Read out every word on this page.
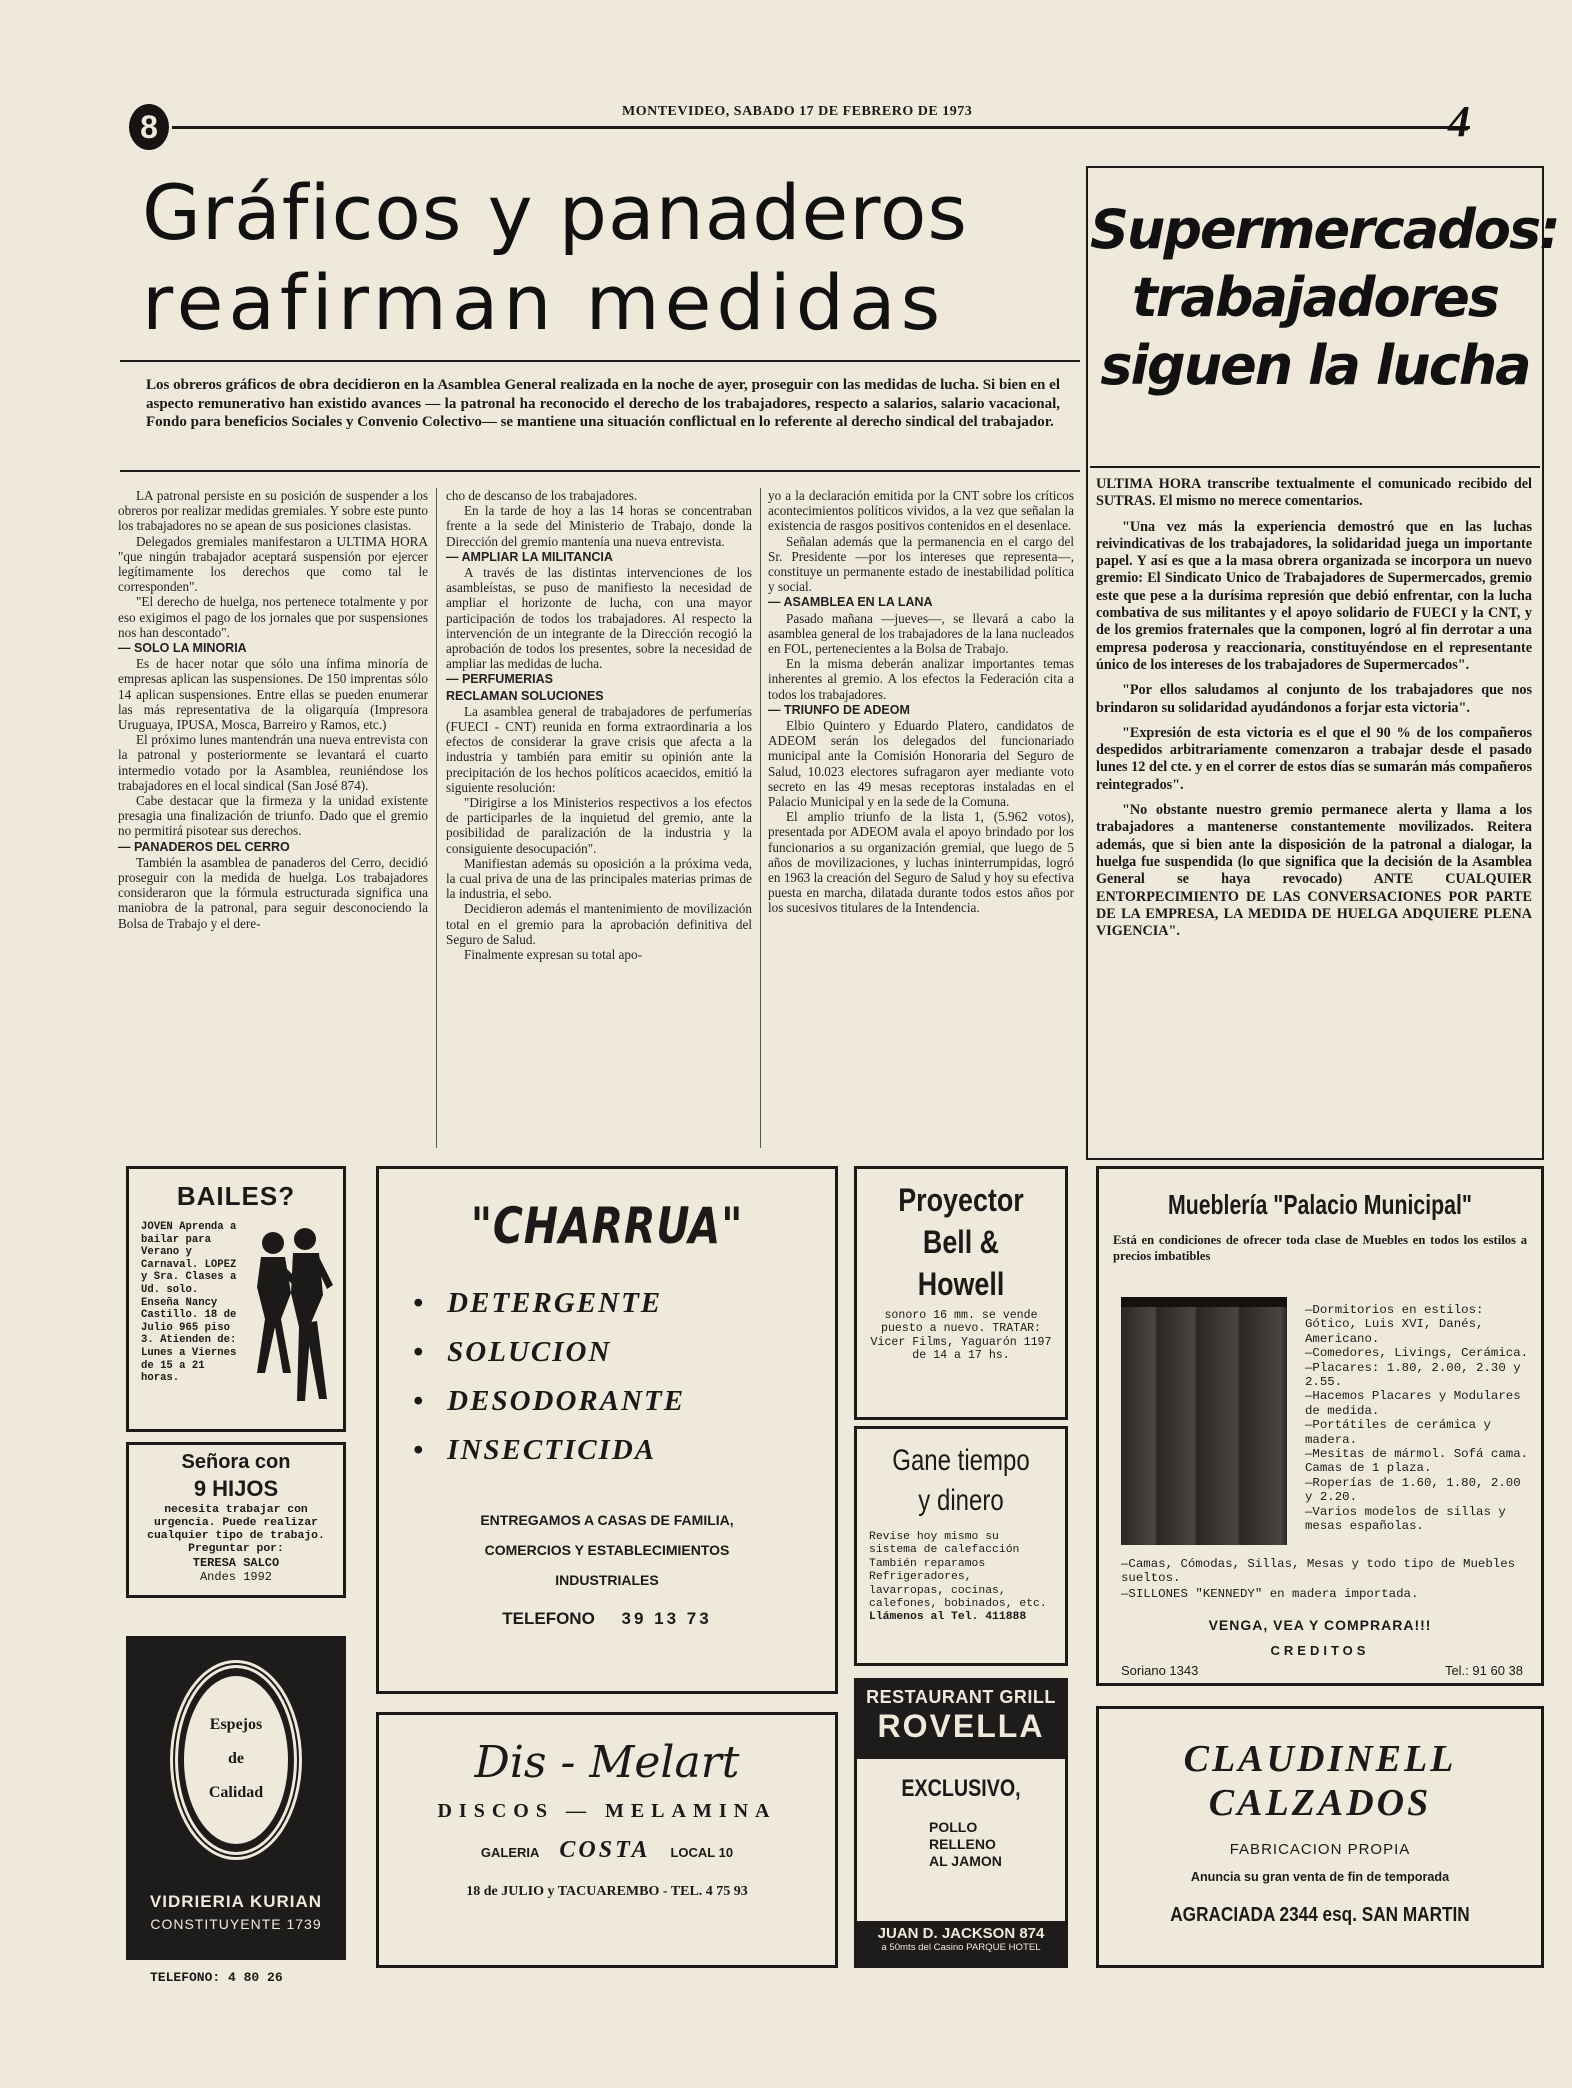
8	MONTEVIDEO, SABADO 17 DE FEBRERO DE 1973	4
Gráficos y panaderos
reafirman medidas
Los obreros gráficos de obra decidieron en la Asamblea General realizada en la noche de ayer, proseguir con las medidas de lucha. Si bien en el aspecto remunerativo han existido avances — la patronal ha reconocido el derecho de los trabajadores, respecto a salarios, salario vacacional, Fondo para beneficios Sociales y Convenio Colectivo— se mantiene una situación conflictual en lo referente al derecho sindical del trabajador.

LA patronal persiste en su posición de suspender a los obreros por realizar medidas gremiales. Y sobre este punto los trabajadores no se apean de sus posiciones clasistas.

Delegados gremiales manifestaron a ULTIMA HORA "que ningún trabajador aceptará suspensión por ejercer legítimamente los derechos que como tal le corresponden".

"El derecho de huelga, nos pertenece totalmente y por eso exigimos el pago de los jornales que por suspensiones nos han descontado".

— SOLO LA MINORIA

Es de hacer notar que sólo una ínfima minoría de empresas aplican las suspensiones. De 150 imprentas sólo 14 aplican suspensiones. Entre ellas se pueden enumerar las más representativa de la oligarquía (Impresora Uruguaya, IPUSA, Mosca, Barreiro y Ramos, etc.)

El próximo lunes mantendrán una nueva entrevista con la patronal y posteriormente se levantará el cuarto intermedio votado por la Asamblea, reuniéndose los trabajadores en el local sindical (San José 874).

Cabe destacar que la firmeza y la unidad existente presagia una finalización de triunfo. Dado que el gremio no permitirá pisotear sus derechos.

— PANADEROS DEL CERRO

También la asamblea de panaderos del Cerro, decidió proseguir con la medida de huelga. Los trabajadores consideraron que la fórmula estructurada significa una maniobra de la patronal, para seguir desconociendo la Bolsa de Trabajo y el dere-

cho de descanso de los trabajadores.

En la tarde de hoy a las 14 horas se concentraban frente a la sede del Ministerio de Trabajo, donde la Dirección del gremio mantenía una nueva entrevista.

— AMPLIAR LA MILITANCIA

A través de las distintas intervenciones de los asambleístas, se puso de manifiesto la necesidad de ampliar el horizonte de lucha, con una mayor participación de todos los trabajadores. Al respecto la intervención de un integrante de la Dirección recogió la aprobación de todos los presentes, sobre la necesidad de ampliar las medidas de lucha.

— PERFUMERIAS

RECLAMAN SOLUCIONES

La asamblea general de trabajadores de perfumerías (FUECI - CNT) reunida en forma extraordinaria a los efectos de considerar la grave crisis que afecta a la industria y también para emitir su opinión ante la precipitación de los hechos políticos acaecidos, emitió la siguiente resolución:

"Dirigirse a los Ministerios respectivos a los efectos de participarles de la inquietud del gremio, ante la posibilidad de paralización de la industria y la consiguiente desocupación".

Manifiestan además su oposición a la próxima veda, la cual priva de una de las principales materias primas de la industria, el sebo.

Decidieron además el mantenimiento de movilización total en el gremio para la aprobación definitiva del Seguro de Salud.

Finalmente expresan su total apo-

yo a la declaración emitida por la CNT sobre los críticos acontecimientos políticos vividos, a la vez que señalan la existencia de rasgos positivos contenidos en el desenlace.

Señalan además que la permanencia en el cargo del Sr. Presidente —por los intereses que representa—, constituye un permanente estado de inestabilidad política y social.

— ASAMBLEA EN LA LANA

Pasado mañana —jueves—, se llevará a cabo la asamblea general de los trabajadores de la lana nucleados en FOL, pertenecientes a la Bolsa de Trabajo.

En la misma deberán analizar importantes temas inherentes al gremio. A los efectos la Federación cita a todos los trabajadores.

— TRIUNFO DE ADEOM

Elbio Quintero y Eduardo Platero, candidatos de ADEOM serán los delegados del funcionariado municipal ante la Comisión Honoraria del Seguro de Salud, 10.023 electores sufragaron ayer mediante voto secreto en las 49 mesas receptoras instaladas en el Palacio Municipal y en la sede de la Comuna.

El amplio triunfo de la lista 1, (5.962 votos), presentada por ADEOM avala el apoyo brindado por los funcionarios a su organización gremial, que luego de 5 años de movilizaciones, y luchas ininterrumpidas, logró en 1963 la creación del Seguro de Salud y hoy su efectiva puesta en marcha, dilatada durante todos estos años por los sucesivos titulares de la Intendencia.

Supermercados:
trabajadores
siguen la lucha

ULTIMA HORA transcribe textualmente el comunicado recibido del SUTRAS. El mismo no merece comentarios.

"Una vez más la experiencia demostró que en las luchas reivindicativas de los trabajadores, la solidaridad juega un importante papel. Y así es que a la masa obrera organizada se incorpora un nuevo gremio: El Sindicato Unico de Trabajadores de Supermercados, gremio este que pese a la durísima represión que debió enfrentar, con la lucha combativa de sus militantes y el apoyo solidario de FUECI y la CNT, y de los gremios fraternales que la componen, logró al fin derrotar a una empresa poderosa y reaccionaria, constituyéndose en el representante único de los intereses de los trabajadores de Supermercados".

"Por ellos saludamos al conjunto de los trabajadores que nos brindaron su solidaridad ayudándonos a forjar esta victoria".

"Expresión de esta victoria es el que el 90 % de los compañeros despedidos arbitrariamente comenzaron a trabajar desde el pasado lunes 12 del cte. y en el correr de estos días se sumarán más compañeros reintegrados".

"No obstante nuestro gremio permanece alerta y llama a los trabajadores a mantenerse constantemente movilizados. Reitera además, que si bien ante la disposición de la patronal a dialogar, la huelga fue suspendida (lo que significa que la decisión de la Asamblea General se haya revocado) ANTE CUALQUIER ENTORPECIMIENTO DE LAS CONVERSACIONES POR PARTE DE LA EMPRESA, LA MEDIDA DE HUELGA ADQUIERE PLENA VIGENCIA".

BAILES?
JOVEN Aprenda a bailar para Verano y Carnaval. LOPEZ y Sra. Clases a Ud. solo. Enseña Nancy Castillo. 18 de Julio 965 piso 3. Atienden de: Lunes a Viernes de 15 a 21 horas.
Señora con
9 HIJOS
necesita trabajar con urgencia. Puede realizar cualquier tipo de trabajo. Preguntar por:
TERESA SALCO
Andes 1992
Espejos
de
Calidad
VIDRIERIA KURIAN
CONSTITUYENTE 1739
TELEFONO: 4 80 26
"CHARRUA"
• DETERGENTE
• SOLUCION
• DESODORANTE
• INSECTICIDA
ENTREGAMOS A CASAS DE FAMILIA,
COMERCIOS Y ESTABLECIMIENTOS
INDUSTRIALES
TELEFONO 39 13 73
Dis - Melart
DISCOS — MELAMINA
GALERIA COSTA LOCAL 10
18 de JULIO y TACUAREMBO - TEL. 4 75 93
Proyector
Bell &
Howell
sonoro 16 mm. se vende puesto a nuevo. TRATAR: Vicer Films, Yaguarón 1197 de 14 a 17 hs.
Gane tiempo
y dinero
Revise hoy mismo su sistema de calefacción También reparamos Refrigeradores, lavarropas, cocinas, calefones, bobinados, etc.
Llámenos al Tel. 411888
RESTAURANT GRILL
ROVELLA
EXCLUSIVO,
POLLO
RELLENO
AL JAMON
JUAN D. JACKSON 874
a 50mts del Casino PARQUE HOTEL
Mueblería "Palacio Municipal"
Está en condiciones de ofrecer toda clase de Muebles en todos los estilos a precios imbatibles
—Dormitorios en estilos: Gótico, Luis XVI, Danés, Americano.
—Comedores, Livings, Cerámica.
—Placares: 1.80, 2.00, 2.30 y 2.55.
—Hacemos Placares y Modulares de medida.
—Portátiles de cerámica y madera.
—Mesitas de mármol. Sofá cama. Camas de 1 plaza.
—Roperías de 1.60, 1.80, 2.00 y 2.20.
—Varios modelos de sillas y mesas españolas.
—Camas, Cómodas, Sillas, Mesas y todo tipo de Muebles sueltos.
—SILLONES "KENNEDY" en madera importada.
VENGA, VEA Y COMPRARA!!!
CREDITOS
Soriano 1343	Tel.: 91 60 38
CLAUDINELL
CALZADOS
FABRICACION PROPIA
Anuncia su gran venta de fin de temporada
AGRACIADA 2344 esq. SAN MARTIN
